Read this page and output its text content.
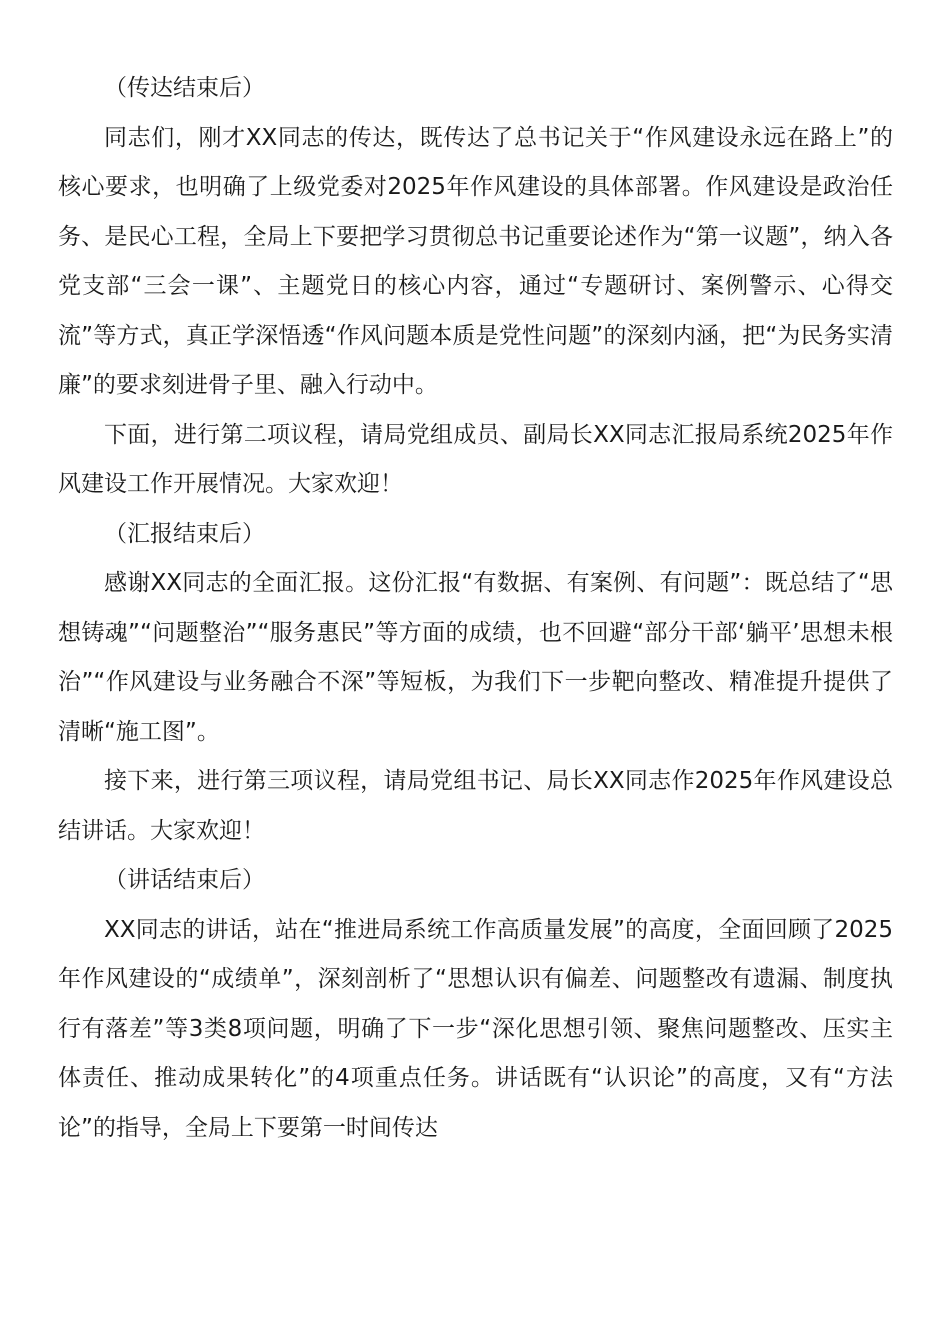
（传达结束后）

同志们，刚才XX同志的传达，既传达了总书记关于“作风建设永远在路上”的核心要求，也明确了上级党委对2025年作风建设的具体部署。作风建设是政治任务、是民心工程，全局上下要把学习贯彻总书记重要论述作为“第一议题”，纳入各党支部“三会一课”、主题党日的核心内容，通过“专题研讨、案例警示、心得交流”等方式，真正学深悟透“作风问题本质是党性问题”的深刻内涵，把“为民务实清廉”的要求刻进骨子里、融入行动中。

下面，进行第二项议程，请局党组成员、副局长XX同志汇报局系统2025年作风建设工作开展情况。大家欢迎！

（汇报结束后）

感谢XX同志的全面汇报。这份汇报“有数据、有案例、有问题”：既总结了“思想铸魂”“问题整治”“服务惠民”等方面的成绩，也不回避“部分干部‘躺平’思想未根治”“作风建设与业务融合不深”等短板，为我们下一步靶向整改、精准提升提供了清晰“施工图”。

接下来，进行第三项议程，请局党组书记、局长XX同志作2025年作风建设总结讲话。大家欢迎！

（讲话结束后）

XX同志的讲话，站在“推进局系统工作高质量发展”的高度，全面回顾了2025年作风建设的“成绩单”，深刻剖析了“思想认识有偏差、问题整改有遗漏、制度执行有落差”等3类8项问题，明确了下一步“深化思想引领、聚焦问题整改、压实主体责任、推动成果转化”的4项重点任务。讲话既有“认识论”的高度，又有“方法论”的指导，全局上下要第一时间传达
